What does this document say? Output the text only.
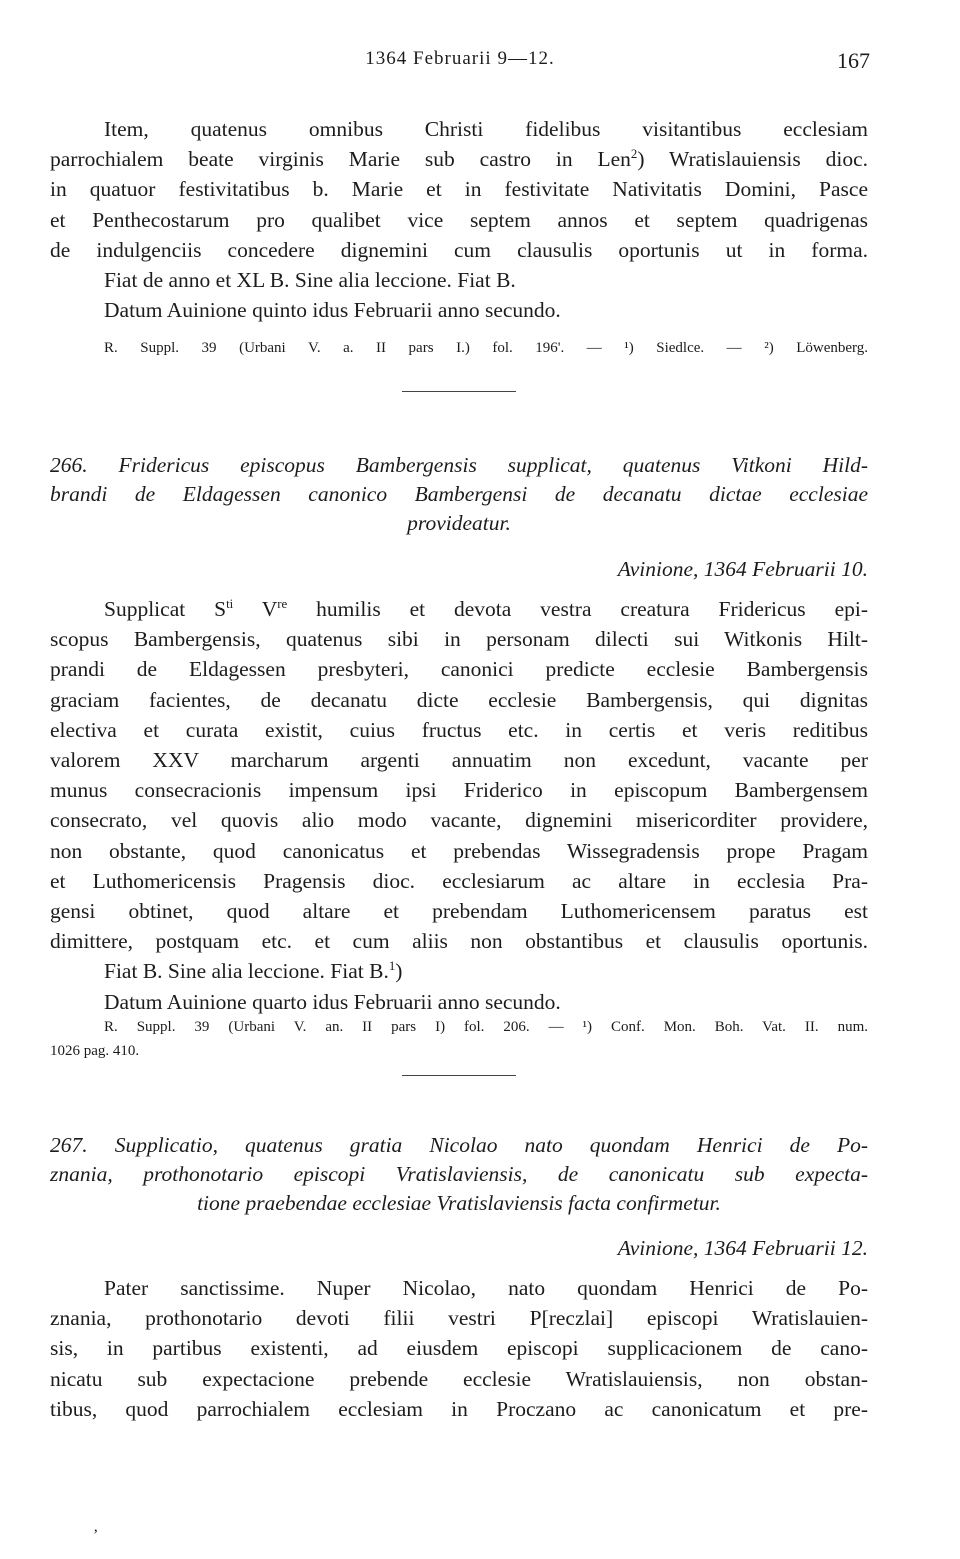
1364 Februarii 9—12.	167
Item, quatenus omnibus Christi fidelibus visitantibus ecclesiam
parrochialem beate virginis Marie sub castro in Len$^2$) Wratislauiensis dioc.
in quatuor festivitatibus b. Marie et in festivitate Nativitatis Domini, Pasce
et Penthecostarum pro qualibet vice septem annos et septem quadrigenas
de indulgenciis concedere dignemini cum clausulis oportunis ut in forma.
Fiat de anno et XL B. Sine alia leccione. Fiat B.
Datum Auinione quinto idus Februarii anno secundo.
R. Suppl. 39 (Urbani V. a. II pars I.) fol. 196'. — ¹) Siedlce. — ²) Löwenberg.
266. Fridericus episcopus Bambergensis supplicat, quatenus Vitkoni Hild-
brandi de Eldagessen canonico Bambergensi de decanatu dictae ecclesiae
provideatur.
Avinione, 1364 Februarii 10.
Supplicat $S^{ti}$ Vre humilis et devota vestra creatura Fridericus epi-
scopus Bambergensis, quatenus sibi in personam dilecti sui Witkonis Hilt-
prandi de Eldagessen presbyteri, canonici predicte ecclesie Bambergensis
graciam facientes, de decanatu dicte ecclesie Bambergensis, qui dignitas
electiva et curata existit, cuius fructus etc. in certis et veris reditibus
valorem XXV marcharum argenti annuatim non excedunt, vacante per
munus consecracionis impensum ipsi Friderico in episcopum Bambergensem
consecrato, vel quovis alio modo vacante, dignemini misericorditer providere,
non obstante, quod canonicatus et prebendas Wissegradensis prope Pragam
et Luthomericensis Pragensis dioc. ecclesiarum ac altare in ecclesia Pra-
gensi obtinet, quod altare et prebendam Luthomericensem paratus est
dimittere, postquam etc. et cum aliis non obstantibus et clausulis oportunis.
Fiat B. Sine alia leccione. Fiat B.$^1$)
Datum Auinione quarto idus Februarii anno secundo.
R. Suppl. 39 (Urbani V. an. II pars I) fol. 206. — ¹) Conf. Mon. Boh. Vat. II. num.
1026 pag. 410.
267. Supplicatio, quatenus gratia Nicolao nato quondam Henrici de Po-
znania, prothonotario episcopi Vratislaviensis, de canonicatu sub expecta-
tione praebendae ecclesiae Vratislaviensis facta confirmetur.
Avinione, 1364 Februarii 12.
Pater sanctissime. Nuper Nicolao, nato quondam Henrici de Po-
znania, prothonotario devoti filii vestri P[reczlai] episcopi Wratislauien-
sis, in partibus existenti, ad eiusdem episcopi supplicacionem de cano-
nicatu sub expectacione prebende ecclesie Wratislauiensis, non obstan-
tibus, quod parrochialem ecclesiam in Proczano ac canonicatum et pre-
‚
